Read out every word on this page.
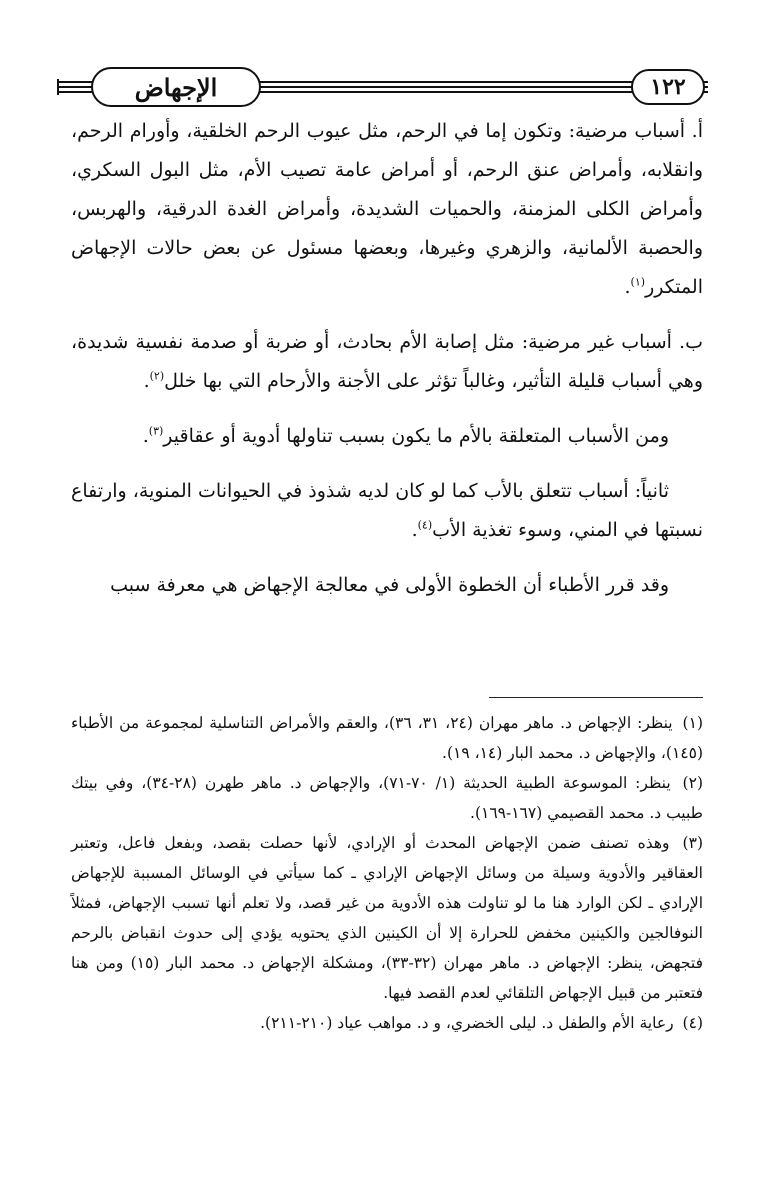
الإجهاض	١٢٢

أ. أسباب مرضية: وتكون إما في الرحم، مثل عيوب الرحم الخلقية، وأورام الرحم، وانقلابه، وأمراض عنق الرحم، أو أمراض عامة تصيب الأم، مثل البول السكري، وأمراض الكلى المزمنة، والحميات الشديدة، وأمراض الغدة الدرقية، والهربس، والحصبة الألمانية، والزهري وغيرها، وبعضها مسئول عن بعض حالات الإجهاض المتكرر$^{(١)}$.

ب. أسباب غير مرضية: مثل إصابة الأم بحادث، أو ضربة أو صدمة نفسية شديدة، وهي أسباب قليلة التأثير، وغالباً تؤثر على الأجنة والأرحام التي بها خلل$^{(٢)}$.

ومن الأسباب المتعلقة بالأم ما يكون بسبب تناولها أدوية أو عقاقير$^{(٣)}$.

ثانياً: أسباب تتعلق بالأب كما لو كان لديه شذوذ في الحيوانات المنوية، وارتفاع نسبتها في المني، وسوء تغذية الأب$^{(٤)}$.

وقد قرر الأطباء أن الخطوة الأولى في معالجة الإجهاض هي معرفة سبب

(١) ينظر: الإجهاض د. ماهر مهران (٢٤، ٣١، ٣٦)، والعقم والأمراض التناسلية لمجموعة من الأطباء (١٤٥)، والإجهاض د. محمد البار (١٤، ١٩).

(٢) ينظر: الموسوعة الطبية الحديثة (١/ ٧٠-٧١)، والإجهاض د. ماهر طهرن (٢٨-٣٤)، وفي بيتك طبيب د. محمد القصيمي (١٦٧-١٦٩).

(٣) وهذه تصنف ضمن الإجهاض المحدث أو الإرادي، لأنها حصلت بقصد، وبفعل فاعل، وتعتبر العقاقير والأدوية وسيلة من وسائل الإجهاض الإرادي ـ كما سيأتي في الوسائل المسببة للإجهاض الإرادي ـ لكن الوارد هنا ما لو تناولت هذه الأدوية من غير قصد، ولا تعلم أنها تسبب الإجهاض، فمثلاً النوفالجين والكينين مخفض للحرارة إلا أن الكينين الذي يحتويه يؤدي إلى حدوث انقباض بالرحم فتجهض، ينظر: الإجهاض د. ماهر مهران (٣٢-٣٣)، ومشكلة الإجهاض د. محمد البار (١٥) ومن هنا فتعتبر من قبيل الإجهاض التلقائي لعدم القصد فيها.

(٤) رعاية الأم والطفل د. ليلى الخضري، و د. مواهب عياد (٢١٠-٢١١).
